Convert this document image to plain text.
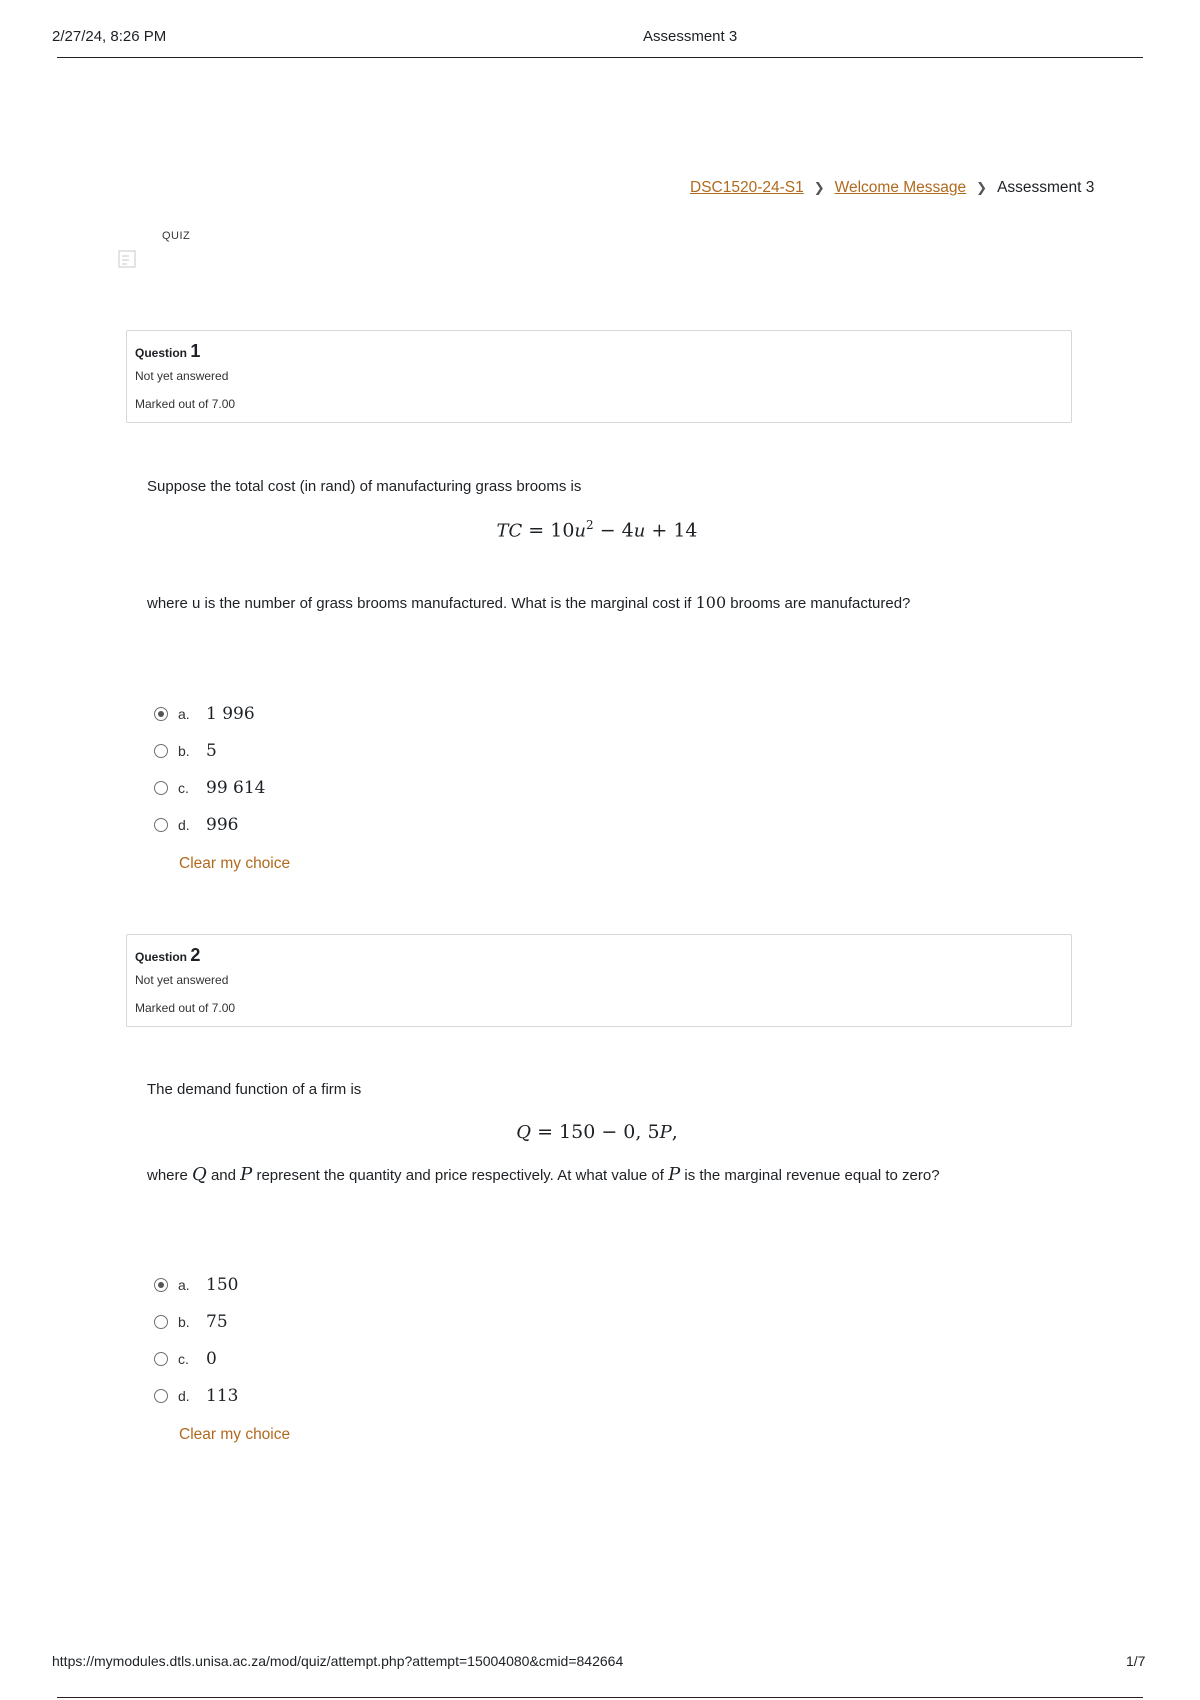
2/27/24, 8:26 PM	Assessment 3
DSC1520-24-S1 ❯ Welcome Message ❯ Assessment 3
QUIZ
Question 1
Not yet answered
Marked out of 7.00
Suppose the total cost (in rand) of manufacturing grass brooms is
TC = $10u^2 - 4u + 14$
where u is the number of grass brooms manufactured. What is the marginal cost if 100 brooms are manufactured?
a. 1 996
b. 5
c.	99 614
d. 996
Clear my choice
Question 2
Not yet answered
Marked out of 7.00
The demand function of a firm is
Q = 150 − 0, 5P,
where Q and P represent the quantity and price respectively. At what value of P is the marginal revenue equal to zero?
a. 150
b. 75
c.	0
d. 113
Clear my choice
https://mymodules.dtls.unisa.ac.za/mod/quiz/attempt.php?attempt=15004080&cmid=842664	1/7
